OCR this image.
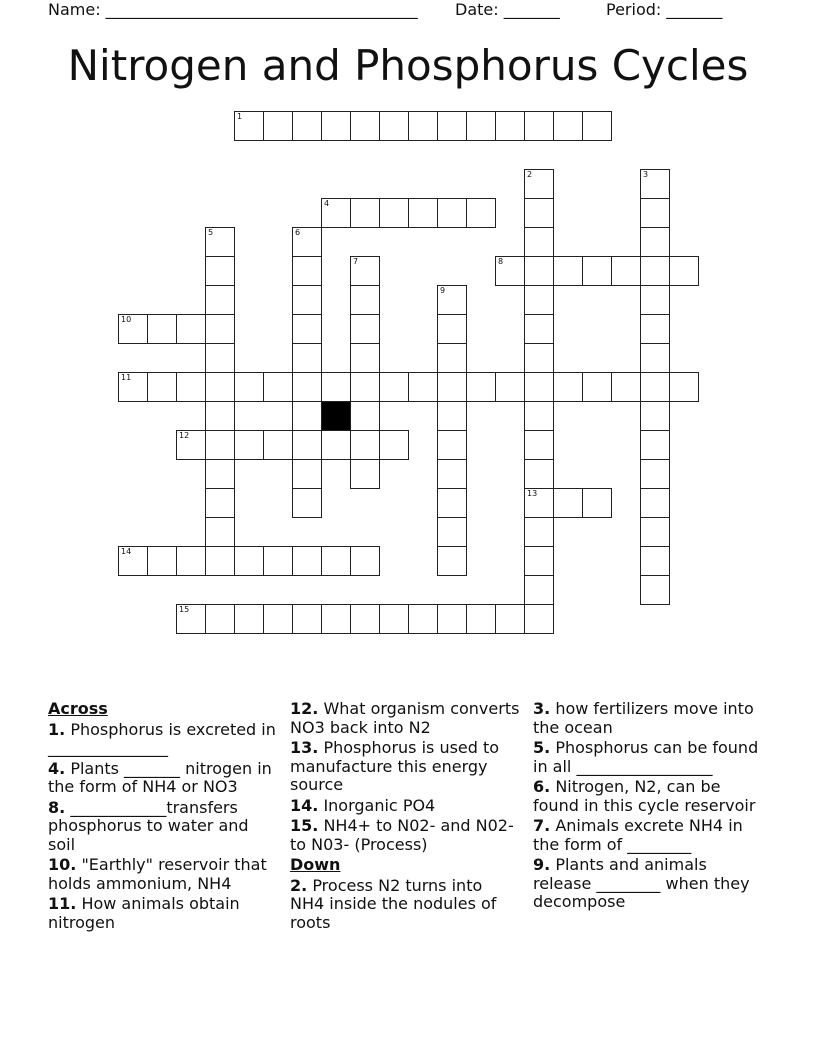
Name: _______________________________________ Date: _______	Period: _______
Nitrogen and Phosphorus Cycles
1
2
13
3
4
5	6
7	8
9
10
11
12
14
15
Across
1. Phosphorus is excreted in _______________
4. Plants _______ nitrogen in the form of NH4 or NO3
8. ____________transfers phosphorus to water and soil
10. "Earthly" reservoir that holds ammonium, NH4
11. How animals obtain nitrogen
12. What organism converts NO3 back into N2
13. Phosphorus is used to manufacture this energy source
14. Inorganic PO4
15. NH4+ to N02- and N02- to N03- (Process)
Down
2. Process N2 turns into NH4 inside the nodules of roots
3. how fertilizers move into the ocean
5. Phosphorus can be found in all _________________
6. Nitrogen, N2, can be found in this cycle reservoir
7. Animals excrete NH4 in the form of ________
9. Plants and animals release ________ when they decompose
